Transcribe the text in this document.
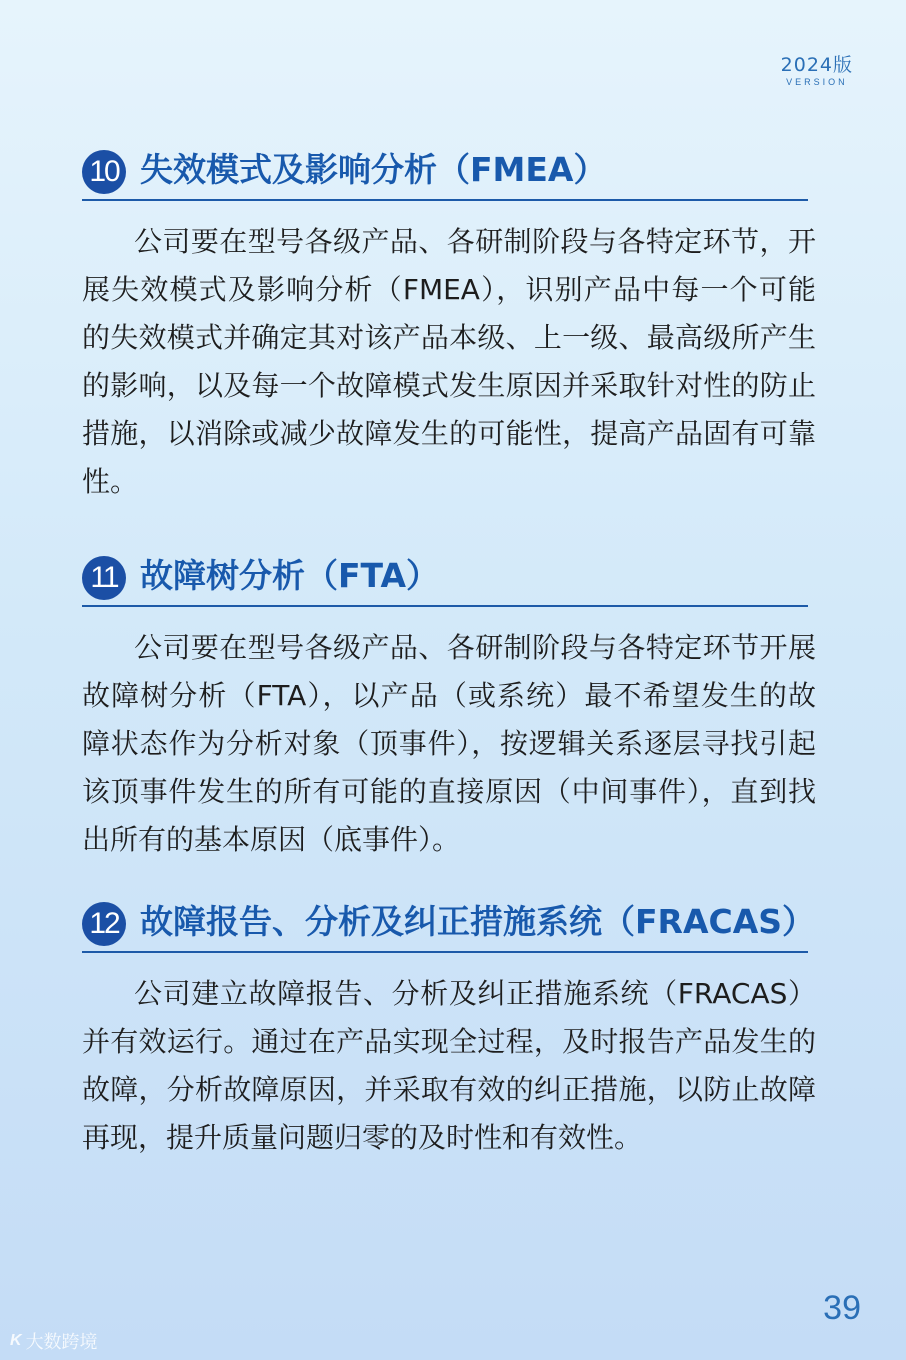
2024版
VERSION
10 失效模式及影响分析（FMEA）
公司要在型号各级产品、各研制阶段与各特定环节，开展失效模式及影响分析（FMEA），识别产品中每一个可能的失效模式并确定其对该产品本级、上一级、最高级所产生的影响，以及每一个故障模式发生原因并采取针对性的防止措施，以消除或减少故障发生的可能性，提高产品固有可靠性。
11 故障树分析（FTA）
公司要在型号各级产品、各研制阶段与各特定环节开展故障树分析（FTA），以产品（或系统）最不希望发生的故障状态作为分析对象（顶事件），按逻辑关系逐层寻找引起该顶事件发生的所有可能的直接原因（中间事件），直到找出所有的基本原因（底事件）。
12 故障报告、分析及纠正措施系统（FRACAS）
公司建立故障报告、分析及纠正措施系统（FRACAS）并有效运行。通过在产品实现全过程，及时报告产品发生的故障，分析故障原因，并采取有效的纠正措施，以防止故障再现，提升质量问题归零的及时性和有效性。
39
K 大数跨境
